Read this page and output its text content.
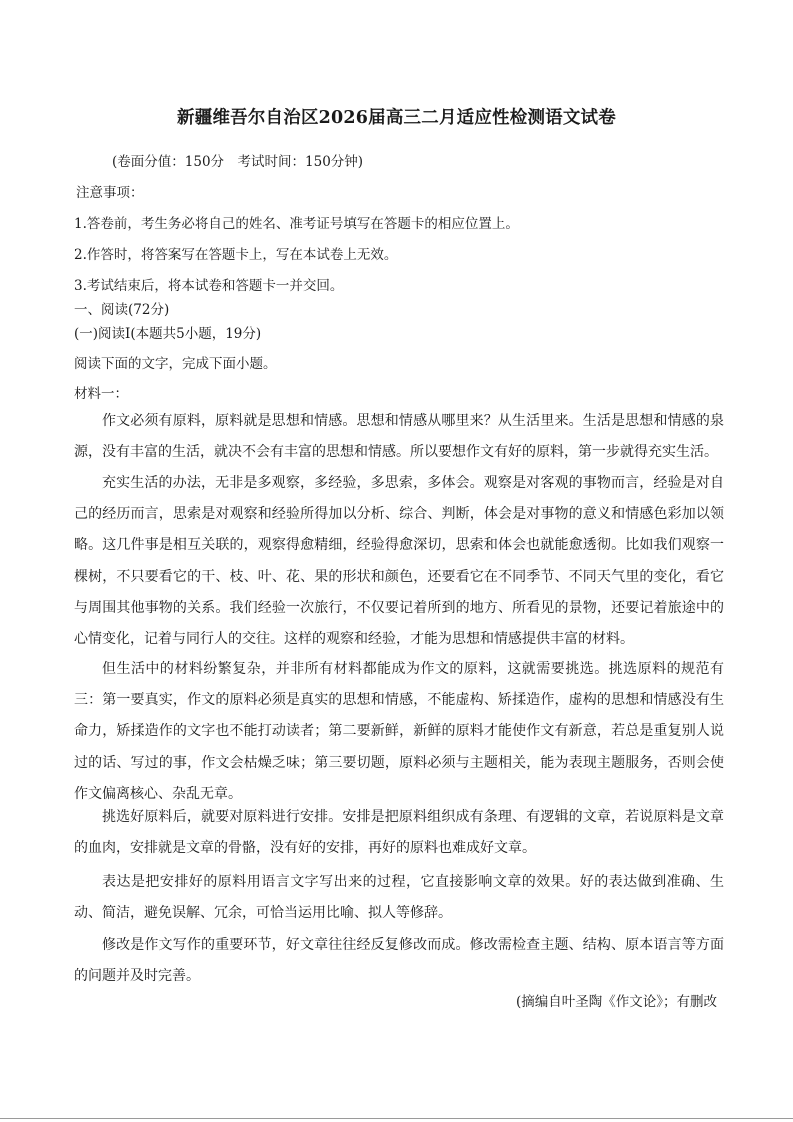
新疆维吾尔自治区2026届高三二月适应性检测语文试卷
(卷面分值：150分　考试时间：150分钟)
注意事项：
1.答卷前，考生务必将自己的姓名、准考证号填写在答题卡的相应位置上。
2.作答时，将答案写在答题卡上，写在本试卷上无效。
3.考试结束后，将本试卷和答题卡一并交回。
一、阅读(72分)
(一)阅读Ⅰ(本题共5小题，19分)
阅读下面的文字，完成下面小题。
材料一：
作文必须有原料，原料就是思想和情感。思想和情感从哪里来？从生活里来。生活是思想和情感的泉源，没有丰富的生活，就决不会有丰富的思想和情感。所以要想作文有好的原料，第一步就得充实生活。
充实生活的办法，无非是多观察，多经验，多思索，多体会。观察是对客观的事物而言，经验是对自己的经历而言，思索是对观察和经验所得加以分析、综合、判断，体会是对事物的意义和情感色彩加以领略。这几件事是相互关联的，观察得愈精细，经验得愈深切，思索和体会也就能愈透彻。比如我们观察一棵树，不只要看它的干、枝、叶、花、果的形状和颜色，还要看它在不同季节、不同天气里的变化，看它与周围其他事物的关系。我们经验一次旅行，不仅要记着所到的地方、所看见的景物，还要记着旅途中的心情变化，记着与同行人的交往。这样的观察和经验，才能为思想和情感提供丰富的材料。
但生活中的材料纷繁复杂，并非所有材料都能成为作文的原料，这就需要挑选。挑选原料的规范有三：第一要真实，作文的原料必须是真实的思想和情感，不能虚构、矫揉造作，虚构的思想和情感没有生命力，矫揉造作的文字也不能打动读者；第二要新鲜，新鲜的原料才能使作文有新意，若总是重复别人说过的话、写过的事，作文会枯燥乏味；第三要切题，原料必须与主题相关，能为表现主题服务，否则会使作文偏离核心、杂乱无章。
挑选好原料后，就要对原料进行安排。安排是把原料组织成有条理、有逻辑的文章，若说原料是文章的血肉，安排就是文章的骨骼，没有好的安排，再好的原料也难成好文章。
表达是把安排好的原料用语言文字写出来的过程，它直接影响文章的效果。好的表达做到准确、生动、简洁，避免误解、冗余，可恰当运用比喻、拟人等修辞。
修改是作文写作的重要环节，好文章往往经反复修改而成。修改需检查主题、结构、原本语言等方面的问题并及时完善。
(摘编自叶圣陶《作文论》；有删改
